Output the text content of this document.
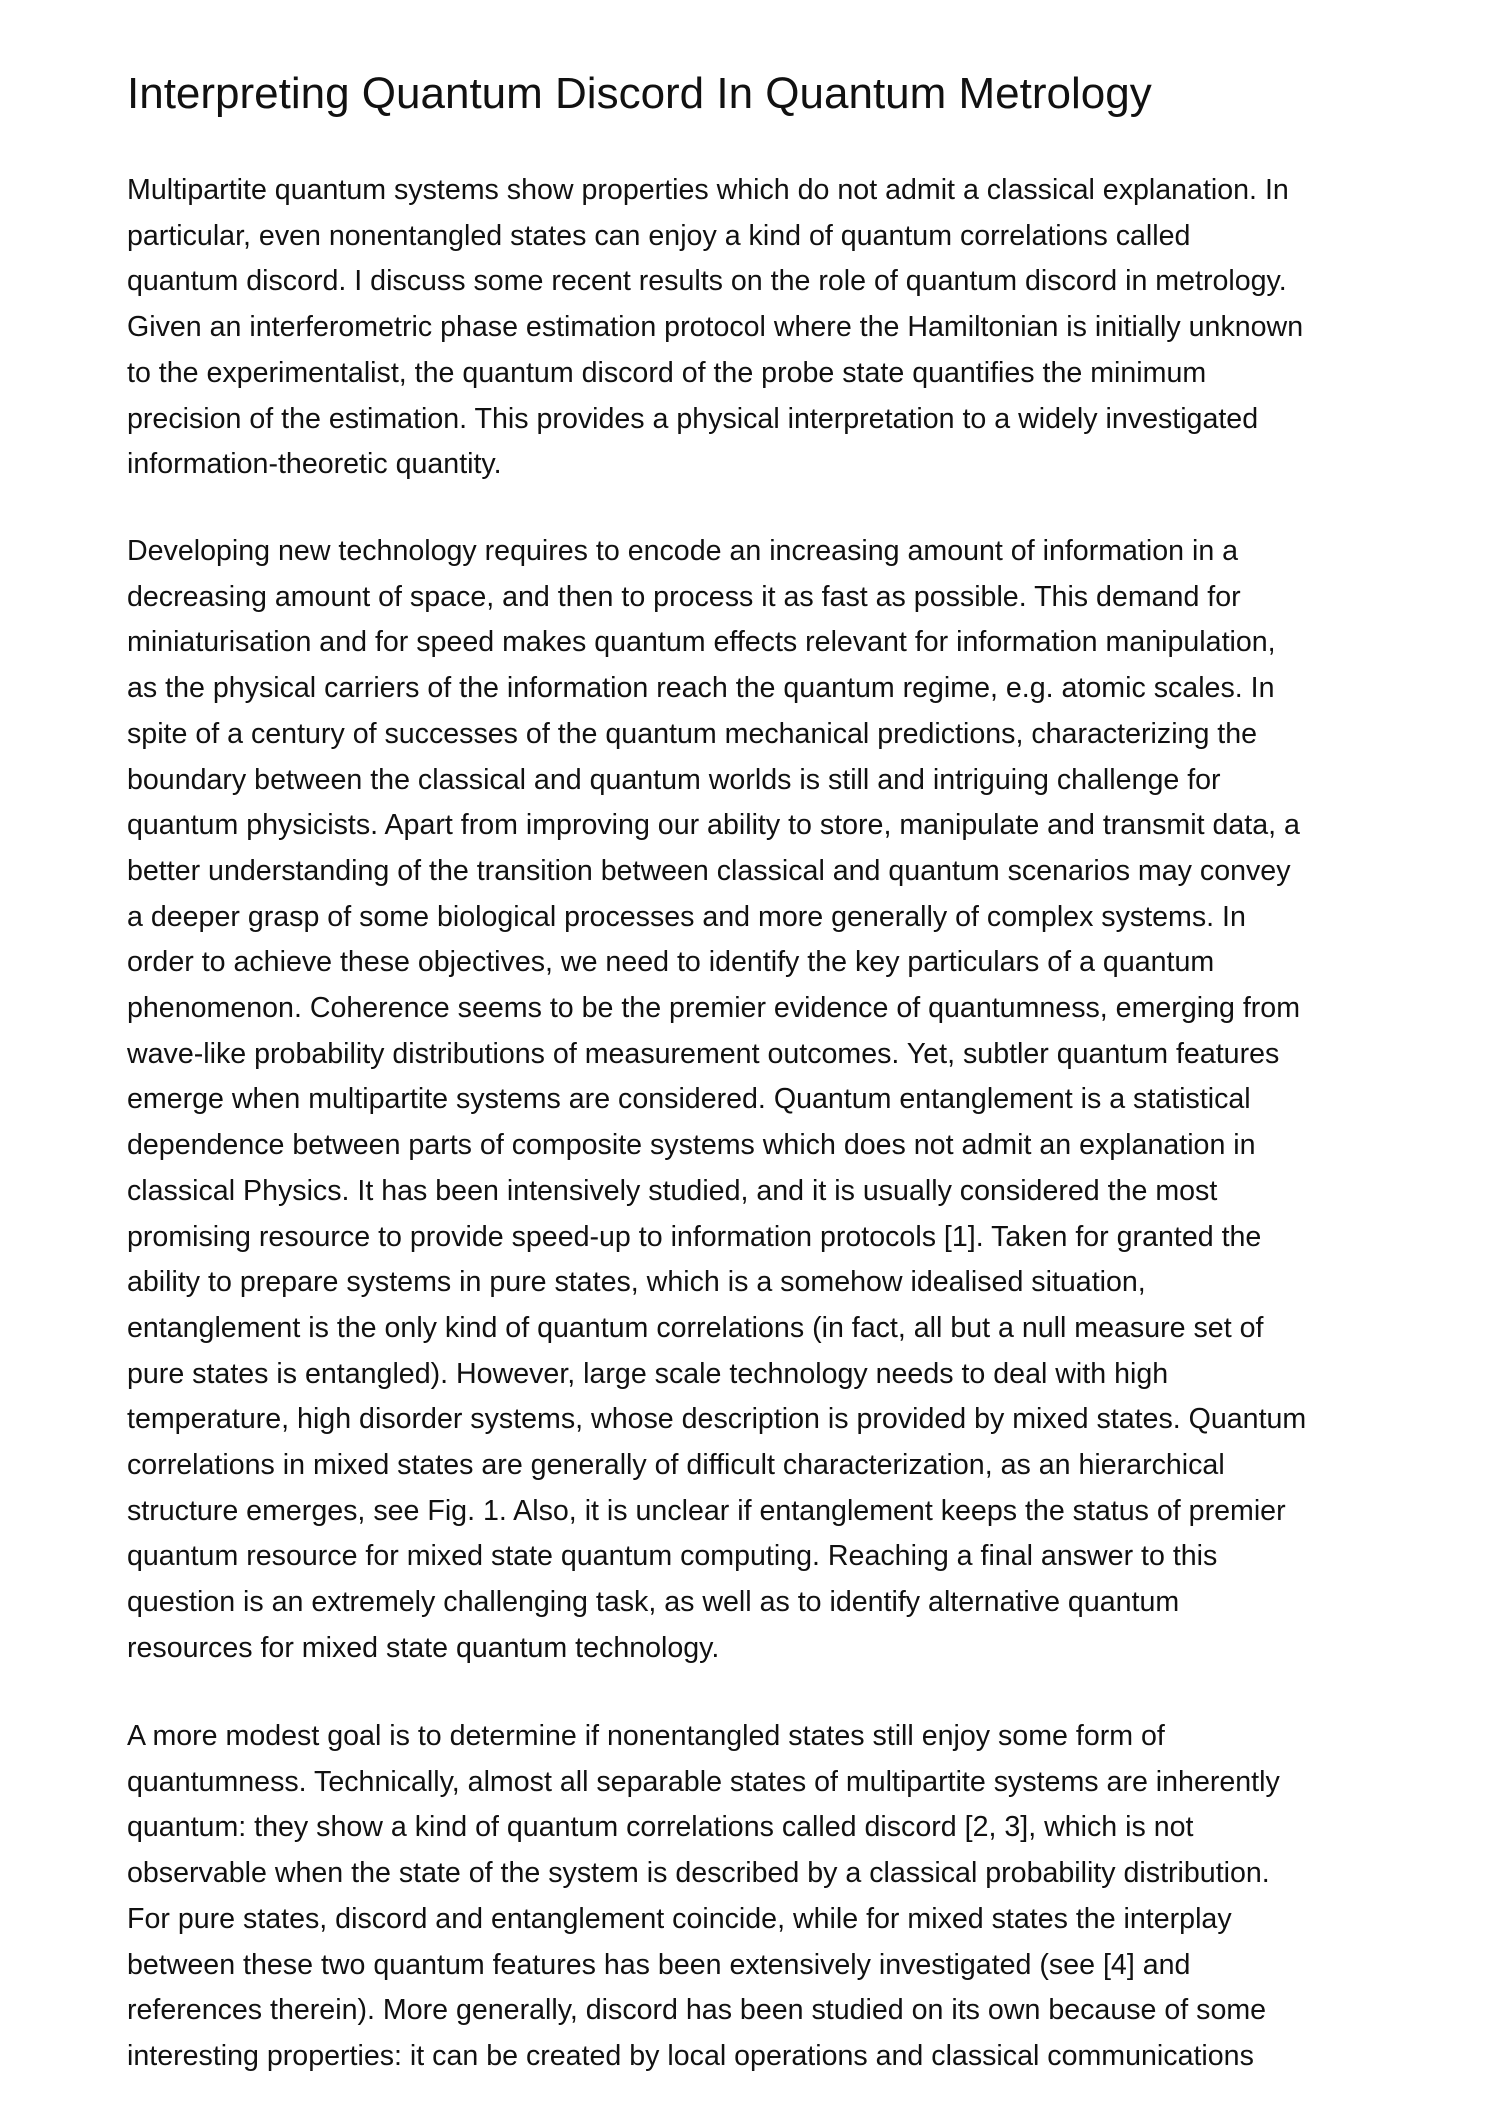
Interpreting Quantum Discord In Quantum Metrology

Multipartite quantum systems show properties which do not admit a classical explanation. In
particular, even nonentangled states can enjoy a kind of quantum correlations called
quantum discord. I discuss some recent results on the role of quantum discord in metrology.
Given an interferometric phase estimation protocol where the Hamiltonian is initially unknown
to the experimentalist, the quantum discord of the probe state quantifies the minimum
precision of the estimation. This provides a physical interpretation to a widely investigated
information-theoretic quantity.

Developing new technology requires to encode an increasing amount of information in a
decreasing amount of space, and then to process it as fast as possible. This demand for
miniaturisation and for speed makes quantum effects relevant for information manipulation,
as the physical carriers of the information reach the quantum regime, e.g. atomic scales. In
spite of a century of successes of the quantum mechanical predictions, characterizing the
boundary between the classical and quantum worlds is still and intriguing challenge for
quantum physicists. Apart from improving our ability to store, manipulate and transmit data, a
better understanding of the transition between classical and quantum scenarios may convey
a deeper grasp of some biological processes and more generally of complex systems. In
order to achieve these objectives, we need to identify the key particulars of a quantum
phenomenon. Coherence seems to be the premier evidence of quantumness, emerging from
wave-like probability distributions of measurement outcomes. Yet, subtler quantum features
emerge when multipartite systems are considered. Quantum entanglement is a statistical
dependence between parts of composite systems which does not admit an explanation in
classical Physics. It has been intensively studied, and it is usually considered the most
promising resource to provide speed-up to information protocols [1]. Taken for granted the
ability to prepare systems in pure states, which is a somehow idealised situation,
entanglement is the only kind of quantum correlations (in fact, all but a null measure set of
pure states is entangled). However, large scale technology needs to deal with high
temperature, high disorder systems, whose description is provided by mixed states. Quantum
correlations in mixed states are generally of difficult characterization, as an hierarchical
structure emerges, see Fig. 1. Also, it is unclear if entanglement keeps the status of premier
quantum resource for mixed state quantum computing. Reaching a final answer to this
question is an extremely challenging task, as well as to identify alternative quantum
resources for mixed state quantum technology.

A more modest goal is to determine if nonentangled states still enjoy some form of
quantumness. Technically, almost all separable states of multipartite systems are inherently
quantum: they show a kind of quantum correlations called discord [2, 3], which is not
observable when the state of the system is described by a classical probability distribution.
For pure states, discord and entanglement coincide, while for mixed states the interplay
between these two quantum features has been extensively investigated (see [4] and
references therein). More generally, discord has been studied on its own because of some
interesting properties: it can be created by local operations and classical communications
